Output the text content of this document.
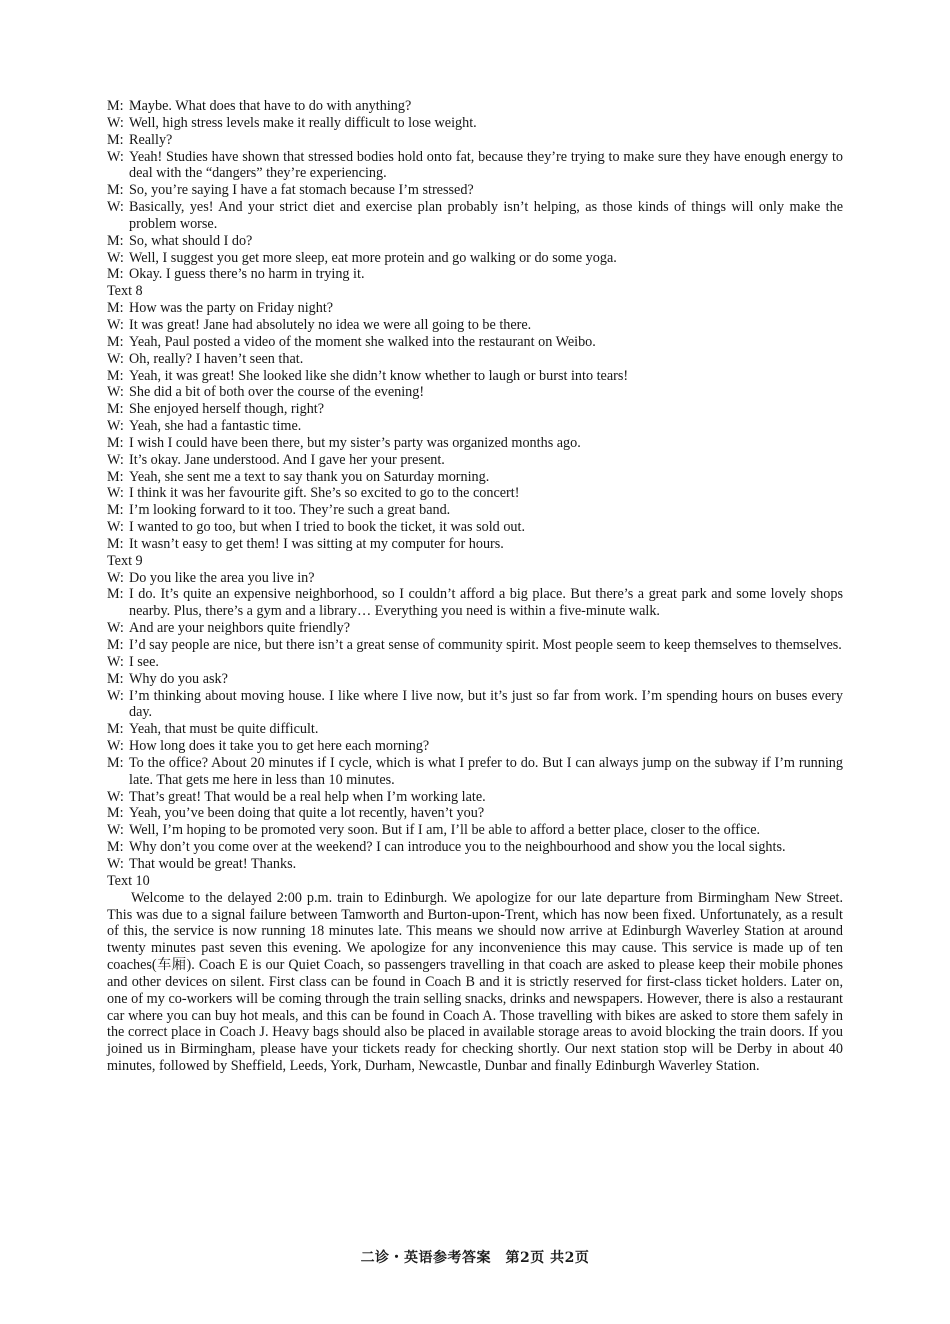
M: Maybe. What does that have to do with anything?

W: Well, high stress levels make it really difficult to lose weight.

M: Really?

W: Yeah! Studies have shown that stressed bodies hold onto fat, because they’re trying to make sure they have enough energy to deal with the “dangers” they’re experiencing.

M: So, you’re saying I have a fat stomach because I’m stressed?

W: Basically, yes! And your strict diet and exercise plan probably isn’t helping, as those kinds of things will only make the problem worse.

M: So, what should I do?

W: Well, I suggest you get more sleep, eat more protein and go walking or do some yoga.

M: Okay. I guess there’s no harm in trying it.

Text 8

M: How was the party on Friday night?

W: It was great! Jane had absolutely no idea we were all going to be there.

M: Yeah, Paul posted a video of the moment she walked into the restaurant on Weibo.

W: Oh, really? I haven’t seen that.

M: Yeah, it was great! She looked like she didn’t know whether to laugh or burst into tears!

W: She did a bit of both over the course of the evening!

M: She enjoyed herself though, right?

W: Yeah, she had a fantastic time.

M: I wish I could have been there, but my sister’s party was organized months ago.

W: It’s okay. Jane understood. And I gave her your present.

M: Yeah, she sent me a text to say thank you on Saturday morning.

W: I think it was her favourite gift. She’s so excited to go to the concert!

M: I’m looking forward to it too. They’re such a great band.

W: I wanted to go too, but when I tried to book the ticket, it was sold out.

M: It wasn’t easy to get them! I was sitting at my computer for hours.

Text 9

W: Do you like the area you live in?

M: I do. It’s quite an expensive neighborhood, so I couldn’t afford a big place. But there’s a great park and some lovely shops nearby. Plus, there’s a gym and a library… Everything you need is within a five-minute walk.

W: And are your neighbors quite friendly?

M: I’d say people are nice, but there isn’t a great sense of community spirit. Most people seem to keep themselves to themselves.

W: I see.

M: Why do you ask?

W: I’m thinking about moving house. I like where I live now, but it’s just so far from work. I’m spending hours on buses every day.

M: Yeah, that must be quite difficult.

W: How long does it take you to get here each morning?

M: To the office? About 20 minutes if I cycle, which is what I prefer to do. But I can always jump on the subway if I’m running late. That gets me here in less than 10 minutes.

W: That’s great! That would be a real help when I’m working late.

M: Yeah, you’ve been doing that quite a lot recently, haven’t you?

W: Well, I’m hoping to be promoted very soon. But if I am, I’ll be able to afford a better place, closer to the office.

M: Why don’t you come over at the weekend? I can introduce you to the neighbourhood and show you the local sights.

W: That would be great! Thanks.

Text 10

Welcome to the delayed 2:00 p.m. train to Edinburgh. We apologize for our late departure from Birmingham New Street. This was due to a signal failure between Tamworth and Burton-upon-Trent, which has now been fixed. Unfortunately, as a result of this, the service is now running 18 minutes late. This means we should now arrive at Edinburgh Waverley Station at around twenty minutes past seven this evening. We apologize for any inconvenience this may cause. This service is made up of ten coaches(车厢). Coach E is our Quiet Coach, so passengers travelling in that coach are asked to please keep their mobile phones and other devices on silent. First class can be found in Coach B and it is strictly reserved for first-class ticket holders. Later on, one of my co-workers will be coming through the train selling snacks, drinks and newspapers. However, there is also a restaurant car where you can buy hot meals, and this can be found in Coach A. Those travelling with bikes are asked to store them safely in the correct place in Coach J. Heavy bags should also be placed in available storage areas to avoid blocking the train doors. If you joined us in Birmingham, please have your tickets ready for checking shortly. Our next station stop will be Derby in about 40 minutes, followed by Sheffield, Leeds, York, Durham, Newcastle, Dunbar and finally Edinburgh Waverley Station.

二诊・英语参考答案　第2页 共2页
